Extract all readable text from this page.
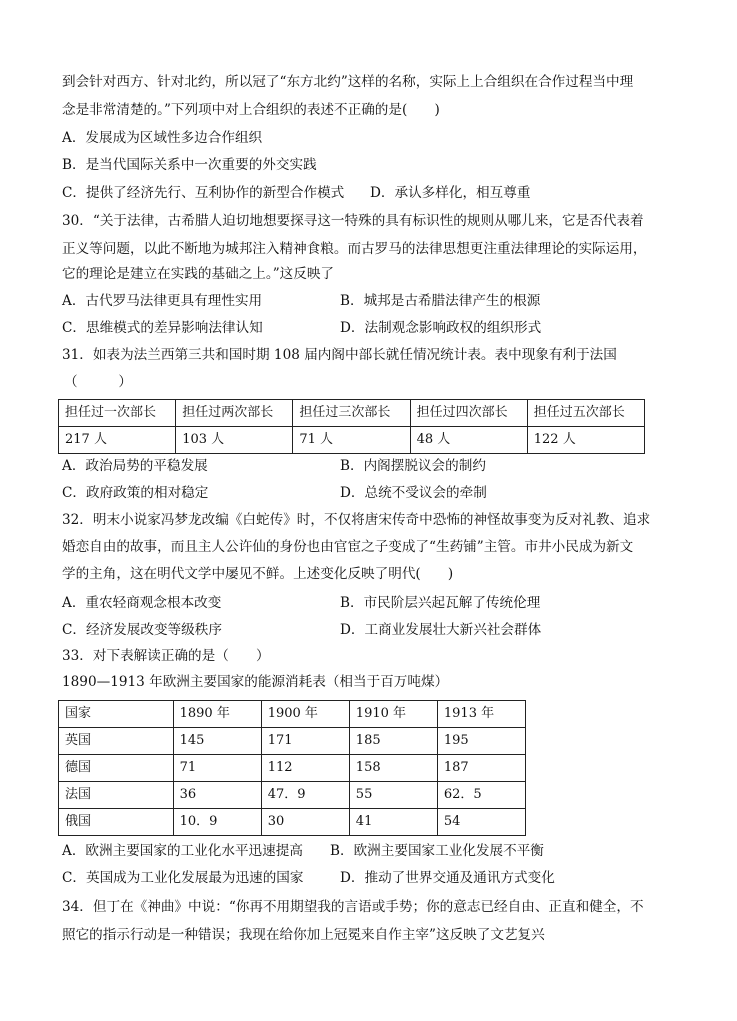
到会针对西方、针对北约，所以冠了“东方北约”这样的名称，实际上上合组织在合作过程当中理
念是非常清楚的。”下列项中对上合组织的表述不正确的是(　　)
A．发展成为区域性多边合作组织
B．是当代国际关系中一次重要的外交实践
C．提供了经济先行、互利协作的新型合作模式 D．承认多样化，相互尊重
30．“关于法律，古希腊人迫切地想要探寻这一特殊的具有标识性的规则从哪儿来，它是否代表着
正义等问题，以此不断地为城邦注入精神食粮。而古罗马的法律思想更注重法律理论的实际运用，
它的理论是建立在实践的基础之上。”这反映了
A．古代罗马法律更具有理性实用	B．城邦是古希腊法律产生的根源
C．思维模式的差异影响法律认知	D．法制观念影响政权的组织形式
31．如表为法兰西第三共和国时期 108 届内阁中部长就任情况统计表。表中现象有利于法国
（　　　）
担任过一次部长	担任过两次部长	担任过三次部长	担任过四次部长	担任过五次部长
217 人	103 人	71 人	48 人	122 人
A．政治局势的平稳发展	B．内阁摆脱议会的制约
C．政府政策的相对稳定	D．总统不受议会的牵制
32．明末小说家冯梦龙改编《白蛇传》时，不仅将唐宋传奇中恐怖的神怪故事变为反对礼教、追求
婚恋自由的故事，而且主人公许仙的身份也由官宦之子变成了“生药铺”主管。市井小民成为新文
学的主角，这在明代文学中屡见不鲜。上述变化反映了明代(　　)
A．重农轻商观念根本改变	B．市民阶层兴起瓦解了传统伦理
C．经济发展改变等级秩序	D．工商业发展壮大新兴社会群体
33．对下表解读正确的是（　　）
1890—1913 年欧洲主要国家的能源消耗表（相当于百万吨煤）
国家	1890 年	1900 年	1910 年	1913 年
英国	145	171	185	195
德国	71	112	158	187
法国	36	47．9	55	62．5
俄国	10．9	30	41	54
A．欧洲主要国家的工业化水平迅速提高 B．欧洲主要国家工业化发展不平衡
C．英国成为工业化发展最为迅速的国家	D．推动了世界交通及通讯方式变化
34．但丁在《神曲》中说：“你再不用期望我的言语或手势；你的意志已经自由、正直和健全，不
照它的指示行动是一种错误；我现在给你加上冠冕来自作主宰”这反映了文艺复兴
